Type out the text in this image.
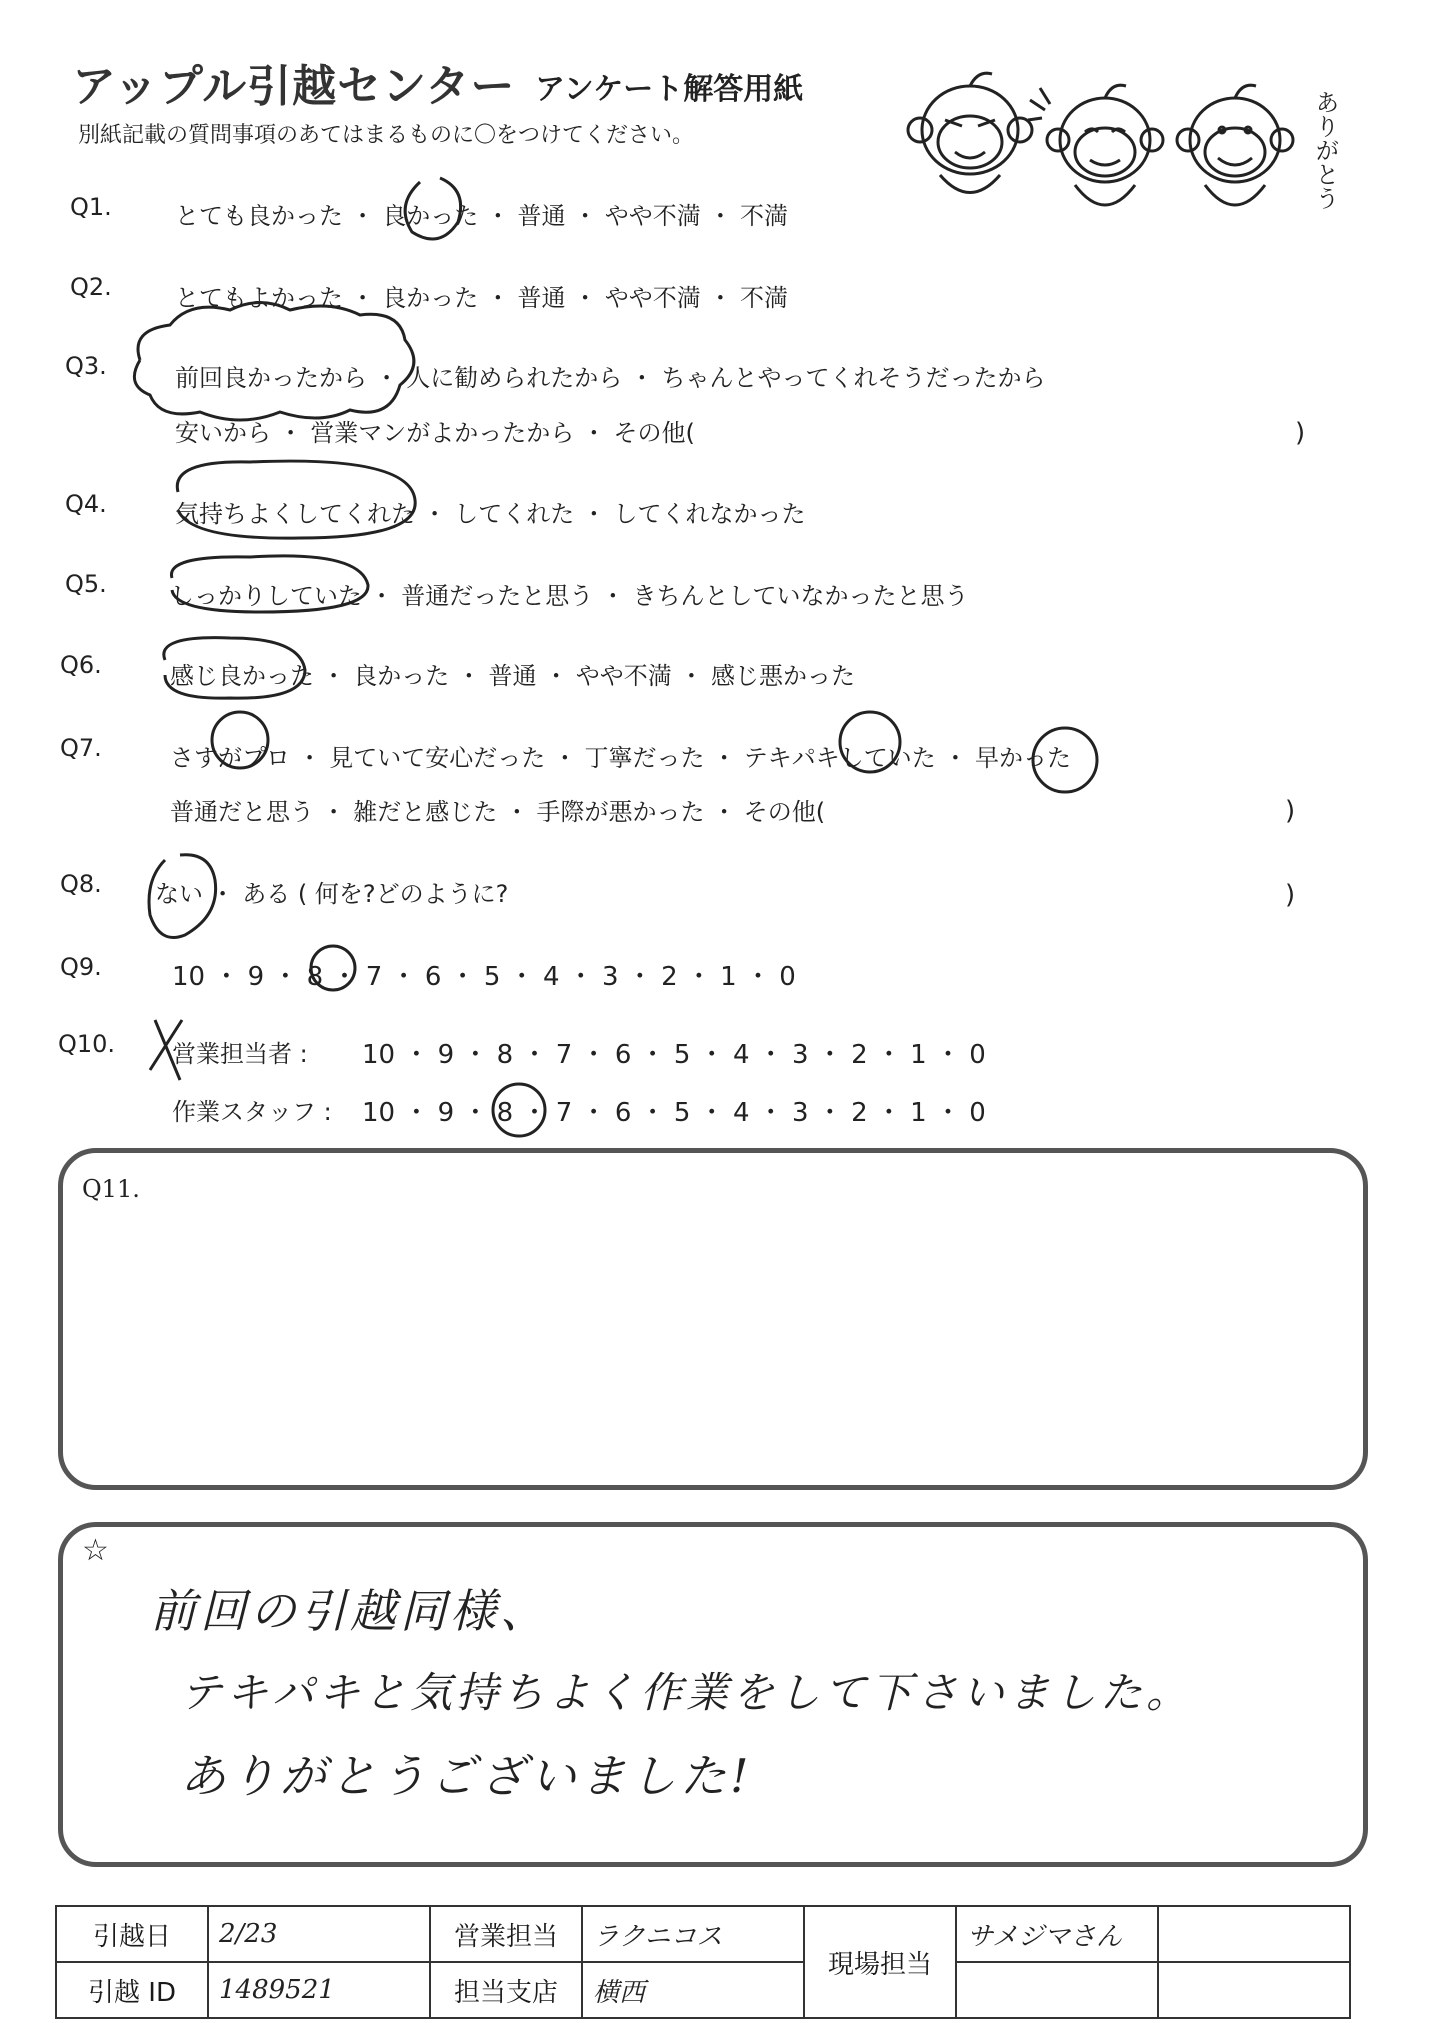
アップル引越センター アンケート解答用紙
別紙記載の質問事項のあてはまるものに〇をつけてください。	ありがとう
Q1.	とても良かった ・ 良かった ・ 普通 ・ やや不満 ・ 不満
Q2.	とてもよかった ・ 良かった ・ 普通 ・ やや不満 ・ 不満
Q3.	前回良かったから ・ 人に勧められたから ・ ちゃんとやってくれそうだったから
安いから ・ 営業マンがよかったから ・ その他(	)
Q4.	気持ちよくしてくれた ・ してくれた ・ してくれなかった
Q5.	しっかりしていた ・ 普通だったと思う ・ きちんとしていなかったと思う
Q6.	感じ良かった ・ 良かった ・ 普通 ・ やや不満 ・ 感じ悪かった
Q7.	さすがプロ ・ 見ていて安心だった ・ 丁寧だった ・ テキパキしていた ・ 早かった
普通だと思う ・ 雑だと感じた ・ 手際が悪かった ・ その他(	)
Q8. ない ・ ある ( 何を?どのように?	)
Q9.	10 ・ 9 ・ 8 ・ 7 ・ 6 ・ 5 ・ 4 ・ 3 ・ 2 ・ 1 ・ 0
Q10. 営業担当者 : 10 ・ 9 ・ 8 ・ 7 ・ 6 ・ 5 ・ 4 ・ 3 ・ 2 ・ 1 ・ 0
作業スタッフ : 10 ・ 9 ・ 8 ・ 7 ・ 6 ・ 5 ・ 4 ・ 3 ・ 2 ・ 1 ・ 0
Q11.
☆
前回の引越同様、
テキパキと気持ちよく作業をして下さいました。
ありがとうございました!
引越日	2/23	営業担当	ラクニコス	現場担当	サメジマさん	
引越 ID	1489521	担当支店	横西			
